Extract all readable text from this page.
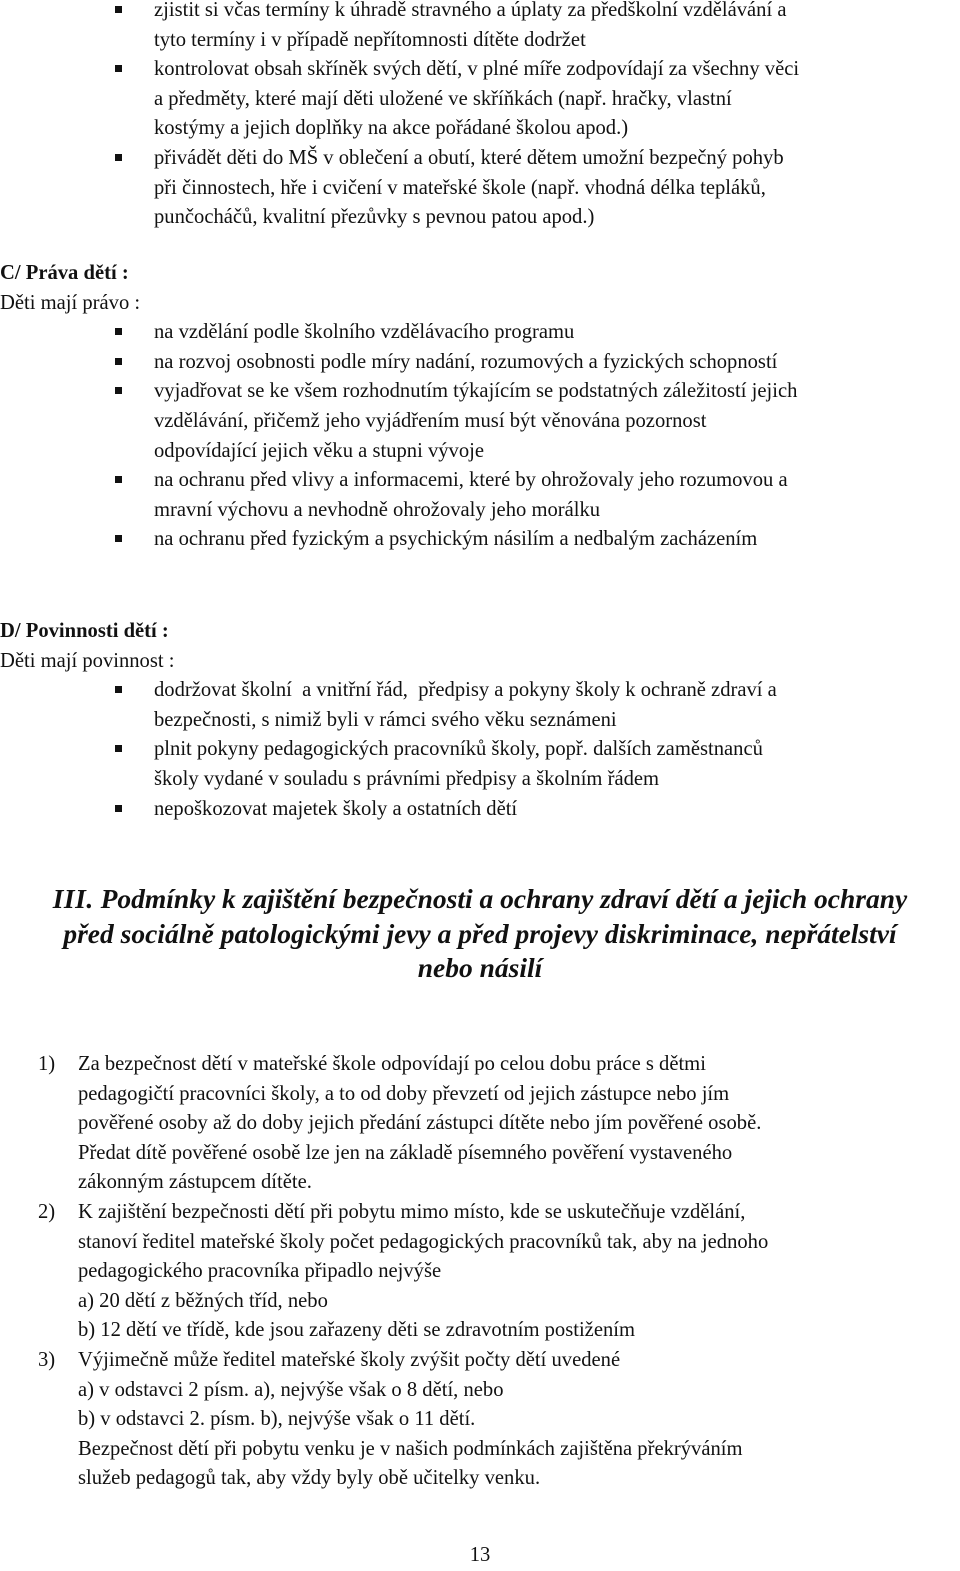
zjistit si včas termíny k úhradě stravného a úplaty za předškolní vzdělávání a
tyto termíny i v případě nepřítomnosti dítěte dodržet
kontrolovat obsah skříněk svých dětí, v plné míře zodpovídají za všechny věci
a předměty, které mají děti uložené ve skříňkách (např. hračky, vlastní
kostýmy a jejich doplňky na akce pořádané školou apod.)
přivádět děti do MŠ v oblečení a obutí, které dětem umožní bezpečný pohyb
při činnostech, hře i cvičení v mateřské škole (např. vhodná délka tepláků,
punčocháčů, kvalitní přezůvky s pevnou patou apod.)

C/ Práva dětí :

Děti mají právo :

na vzdělání podle školního vzdělávacího programu
na rozvoj osobnosti podle míry nadání, rozumových a fyzických schopností
vyjadřovat se ke všem rozhodnutím týkajícím se podstatných záležitostí jejich
vzdělávání, přičemž jeho vyjádřením musí být věnována pozornost
odpovídající jejich věku a stupni vývoje
na ochranu před vlivy a informacemi, které by ohrožovaly jeho rozumovou a
mravní výchovu a nevhodně ohrožovaly jeho morálku
na ochranu před fyzickým a psychickým násilím a nedbalým zacházením

D/ Povinnosti dětí :

Děti mají povinnost :

dodržovat školní  a vnitřní řád,  předpisy a pokyny školy k ochraně zdraví a
bezpečnosti, s nimiž byli v rámci svého věku seznámeni
plnit pokyny pedagogických pracovníků školy, popř. dalších zaměstnanců
školy vydané v souladu s právními předpisy a školním řádem
nepoškozovat majetek školy a ostatních dětí
III. Podmínky k zajištění bezpečnosti a ochrany zdraví dětí a jejich ochrany
před sociálně patologickými jevy a před projevy diskriminace, nepřátelství
nebo násilí
1) Za bezpečnost dětí v mateřské škole odpovídají po celou dobu práce s dětmi
pedagogičtí pracovníci školy, a to od doby převzetí od jejich zástupce nebo jím
pověřené osoby až do doby jejich předání zástupci dítěte nebo jím pověřené osobě.
Předat dítě pověřené osobě lze jen na základě písemného pověření vystaveného
zákonným zástupcem dítěte.
2) K zajištění bezpečnosti dětí při pobytu mimo místo, kde se uskutečňuje vzdělání,
stanoví ředitel mateřské školy počet pedagogických pracovníků tak, aby na jednoho
pedagogického pracovníka připadlo nejvýše
a) 20 dětí z běžných tříd, nebo
b) 12 dětí ve třídě, kde jsou zařazeny děti se zdravotním postižením
3) Výjimečně může ředitel mateřské školy zvýšit počty dětí uvedené
a) v odstavci 2 písm. a), nejvýše však o 8 dětí, nebo
b) v odstavci 2. písm. b), nejvýše však o 11 dětí.
Bezpečnost dětí při pobytu venku je v našich podmínkách zajištěna překrýváním
služeb pedagogů tak, aby vždy byly obě učitelky venku.
13
